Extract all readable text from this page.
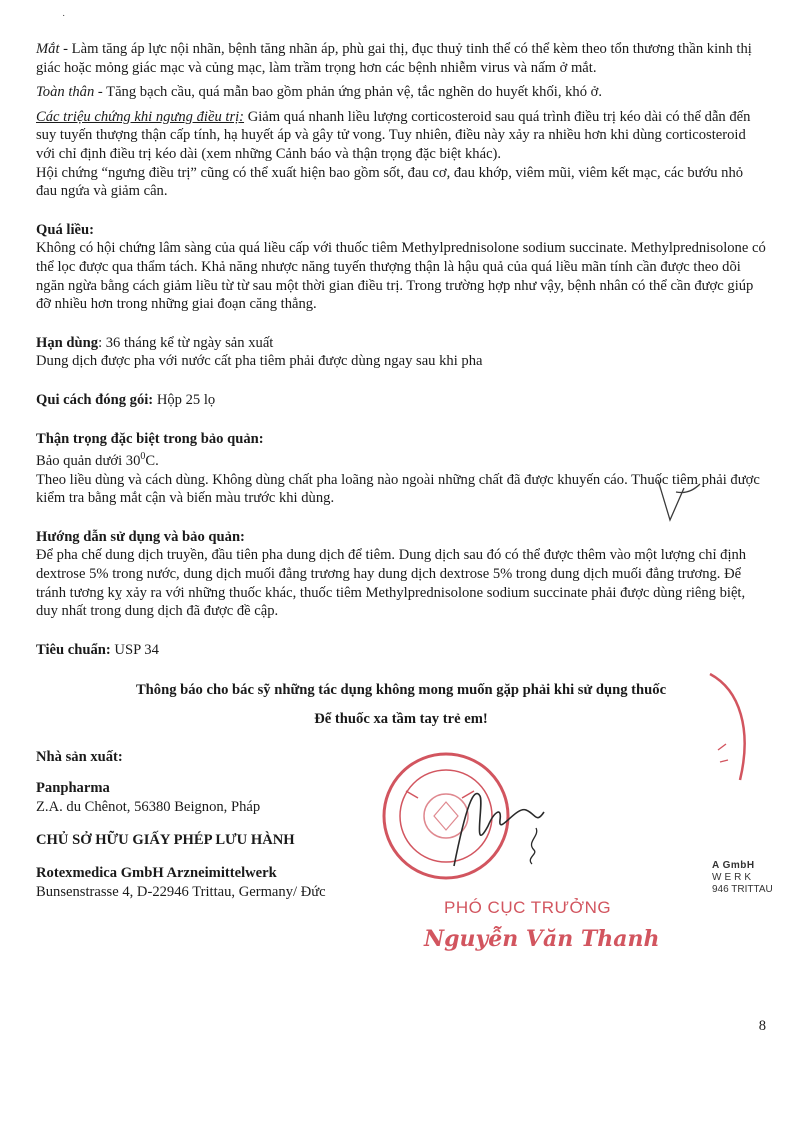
˙

Mắt - Làm tăng áp lực nội nhãn, bệnh tăng nhãn áp, phù gai thị, đục thuỷ tinh thể có thể kèm theo tổn thương thần kinh thị giác hoặc mỏng giác mạc và củng mạc, làm trầm trọng hơn các bệnh nhiễm virus và nấm ở mắt.

Toàn thân - Tăng bạch cầu, quá mẫn bao gồm phản ứng phản vệ, tắc nghẽn do huyết khối, khó ở.

Các triệu chứng khi ngưng điều trị: Giảm quá nhanh liều lượng corticosteroid sau quá trình điều trị kéo dài có thể dẫn đến suy tuyến thượng thận cấp tính, hạ huyết áp và gây tử vong. Tuy nhiên, điều này xảy ra nhiều hơn khi dùng corticosteroid với chỉ định điều trị kéo dài (xem những Cảnh báo và thận trọng đặc biệt khác).

Hội chứng “ngưng điều trị” cũng có thể xuất hiện bao gồm sốt, đau cơ, đau khớp, viêm mũi, viêm kết mạc, các bướu nhỏ đau ngứa và giảm cân.

Quá liều:

Không có hội chứng lâm sàng của quá liều cấp với thuốc tiêm Methylprednisolone sodium succinate. Methylprednisolone có thể lọc được qua thẩm tách. Khả năng nhược năng tuyến thượng thận là hậu quả của quá liều mãn tính cần được theo dõi ngăn ngừa bằng cách giảm liều từ từ sau một thời gian điều trị. Trong trường hợp như vậy, bệnh nhân có thể cần được giúp đỡ nhiều hơn trong những giai đoạn căng thẳng.

Hạn dùng: 36 tháng kể từ ngày sản xuất

Dung dịch được pha với nước cất pha tiêm phải được dùng ngay sau khi pha

Qui cách đóng gói: Hộp 25 lọ

Thận trọng đặc biệt trong bảo quản:

Bảo quản dưới $30^0C$.

Theo liều dùng và cách dùng. Không dùng chất pha loãng nào ngoài những chất đã được khuyến cáo. Thuốc tiêm phải được kiểm tra bằng mắt cận và biến màu trước khi dùng.

Hướng dẫn sử dụng và bảo quản:

Để pha chế dung dịch truyền, đầu tiên pha dung dịch để tiêm. Dung dịch sau đó có thể được thêm vào một lượng chỉ định dextrose 5% trong nước, dung dịch muối đẳng trương hay dung dịch dextrose 5% trong dung dịch muối đẳng trương. Để tránh tương kỵ xảy ra với những thuốc khác, thuốc tiêm Methylprednisolone sodium succinate phải được dùng riêng biệt, duy nhất trong dung dịch đã được đề cập.

Tiêu chuẩn: USP 34

Thông báo cho bác sỹ những tác dụng không mong muốn gặp phải khi sử dụng thuốc

Để thuốc xa tầm tay trẻ em!

Nhà sản xuất:

Panpharma

Z.A. du Chênot, 56380 Beignon, Pháp

CHỦ SỞ HỮU GIẤY PHÉP LƯU HÀNH

Rotexmedica GmbH Arzneimittelwerk

Bunsenstrasse 4, D-22946 Trittau, Germany/ Đức

PHÓ CỤC TRƯỞNG
Nguyễn Văn Thanh
A GmbH
WERK
946 TRITTAU
8
